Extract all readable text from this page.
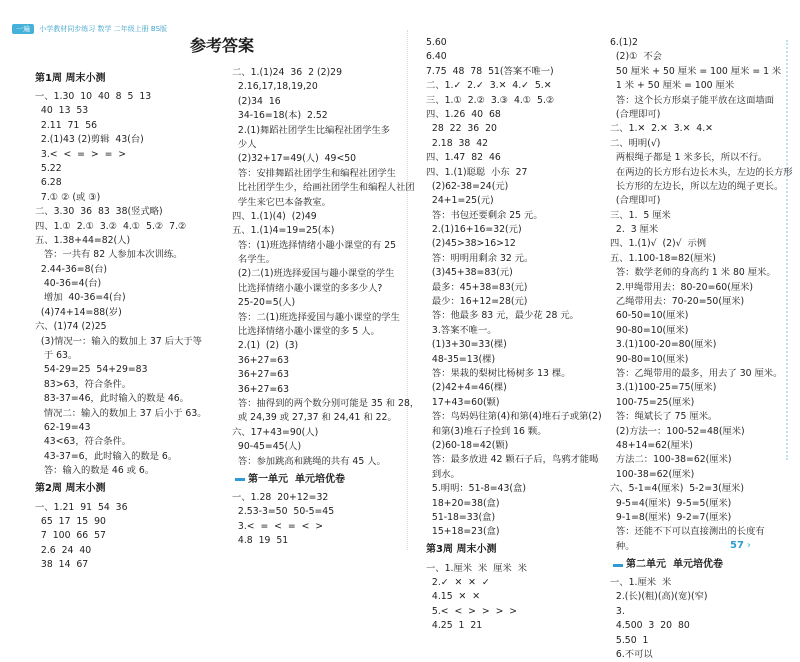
一遍 小学教材同步练习 数学 二年级上册 BS版
参考答案
第1周 周末小测
一、1.30  10  40  8  5  13
40  13  53
2.11  71  56
2.(1)43 (2)剪辑  43(台)
3.<  <  =  >  =  >
5.22
6.28
7.① ② (或 ③)
二、3.30  36  83  38(竖式略)
四、1.①  2.①  3.②  4.①  5.②  7.②
五、1.38+44=82(人)
答：一共有 82 人参加本次训练。
2.44-36=8(台)
40-36=4(台)
增加  40-36=4(台)
(4)74+14=88(岁)
六、(1)74 (2)25
(3)情况一：输入的数加上 37 后大于等
于 63。
54-29=25  54+29=83
83>63，符合条件。
83-37=46，此时输入的数是 46。
情况二：输入的数加上 37 后小于 63。
62-19=43
43<63，符合条件。
43-37=6，此时输入的数是 6。
答：输入的数是 46 或 6。
第2周 周末小测
一、1.21  91  54  36
65  17  15  90
7  100  66  57
2.6  24  40
38  14  67
二、1.(1)24  36  2 (2)29
2.16,17,18,19,20
(2)34  16
34-16=18(本)  2.52
2.(1)舞蹈社团学生比编程社团学生多
少人
(2)32+17=49(人)  49<50
答：安排舞蹈社团学生和编程社团学生
比社团学生少，给画社团学生和编程人社团
学生来它巴本备教室。
四、1.(1)(4)  (2)49
五、1.(1)4=19=25(本)
答：(1)班选择情绪小趣小课堂的有 25
名学生。
(2)二(1)班选择爱国与趣小课堂的学生
比选择情绪小趣小课堂的多多少人?
25-20=5(人)
答：二(1)班选择爱国与趣小课堂的学生
比选择情绪小趣小课堂的多 5 人。
2.(1)  (2)  (3)
36+27=63
36+27=63
36+27=63
答：抽得到的两个数分别可能是 35 和 28，
或 24,39 或 27,37 和 24,41 和 22。
六、17+43=90(人)
90-45=45(人)
答：参加跳高和跳绳的共有 45 人。
第一单元  单元培优卷
一、1.28  20+12=32
2.53-3=50  50-5=45
3.<  =  <  =  <  >
4.8  19  51
5.60
6.40
7.75  48  78  51(答案不唯一)
二、1.✓  2.✓  3.✕  4.✓  5.✕
三、1.①  2.②  3.③  4.①  5.②
四、1.26  40  68
28  22  36  20
2.18  38  42
四、1.47  82  46
四、1.(1)聪聪  小东  27
(2)62-38=24(元)
24+1=25(元)
答：书包还要剩余 25 元。
2.(1)16+16=32(元)
(2)45>38>16>12
答：明明用剩余 32 元。
(3)45+38=83(元)
最多：45+38=83(元)
最少：16+12=28(元)
答：他最多 83 元，最少花 28 元。
3.答案不唯一。
(1)3+30=33(棵)
48-35=13(棵)
答：果栽的梨树比杨树多 13 棵。
(2)42+4=46(棵)
17+43=60(颗)
答：鸟妈妈往第(4)和第(4)堆石子或第(2)
和第(3)堆石子捡到 16 颗。
(2)60-18=42(颗)
答：最多放进 42 颗石子后，鸟鸦才能喝
到水。
5.明明：51-8=43(盒)
18+20=38(盒)
51-18=33(盒)
15+18=23(盒)
第3周 周末小测
一、1.厘米  米  厘米  米
2.✓  ✕  ✕  ✓
4.15  ✕  ✕
5.<  <  >  >  >  >
4.25  1  21
6.(1)2
(2)①  不会
50 厘米 + 50 厘米 = 100 厘米 = 1 米
1 米 + 50 厘米 = 100 厘米
答：这个长方形桌子能平放在这面墙面
(合理即可)
二、1.✕  2.✕  3.✕  4.✕
二、明明(√)
两根绳子都是 1 米多长，所以不行。
在两边的长方形右边长木头，左边的长方形
长方形的左边长，所以左边的绳子更长。
(合理即可)
三、1.  5 厘米
2.  3 厘米
四、1.(1)√  (2)√  示例
五、1.100-18=82(厘米)
答：数学老师的身高约 1 米 80 厘米。
2.甲绳带用去：80-20=60(厘米)
乙绳带用去：70-20=50(厘米)
60-50=10(厘米)
90-80=10(厘米)
3.(1)100-20=80(厘米)
90-80=10(厘米)
答：乙绳带用的最多，用去了 30 厘米。
3.(1)100-25=75(厘米)
100-75=25(厘米)
答：绳斌长了 75 厘米。
(2)方法一：100-52=48(厘米)
48+14=62(厘米)
方法二：100-38=62(厘米)
100-38=62(厘米)
六、5-1=4(厘米)  5-2=3(厘米)
9-5=4(厘米)  9-5=5(厘米)
9-1=8(厘米)  9-2=7(厘米)
答：还能不下可以直接测出的长度有
种。
第二单元  单元培优卷
一、1.厘米  米
2.(长)(粗)(高)(宽)(窄)
3.
4.500  3  20  80
5.50  1
6.不可以
57 ›
